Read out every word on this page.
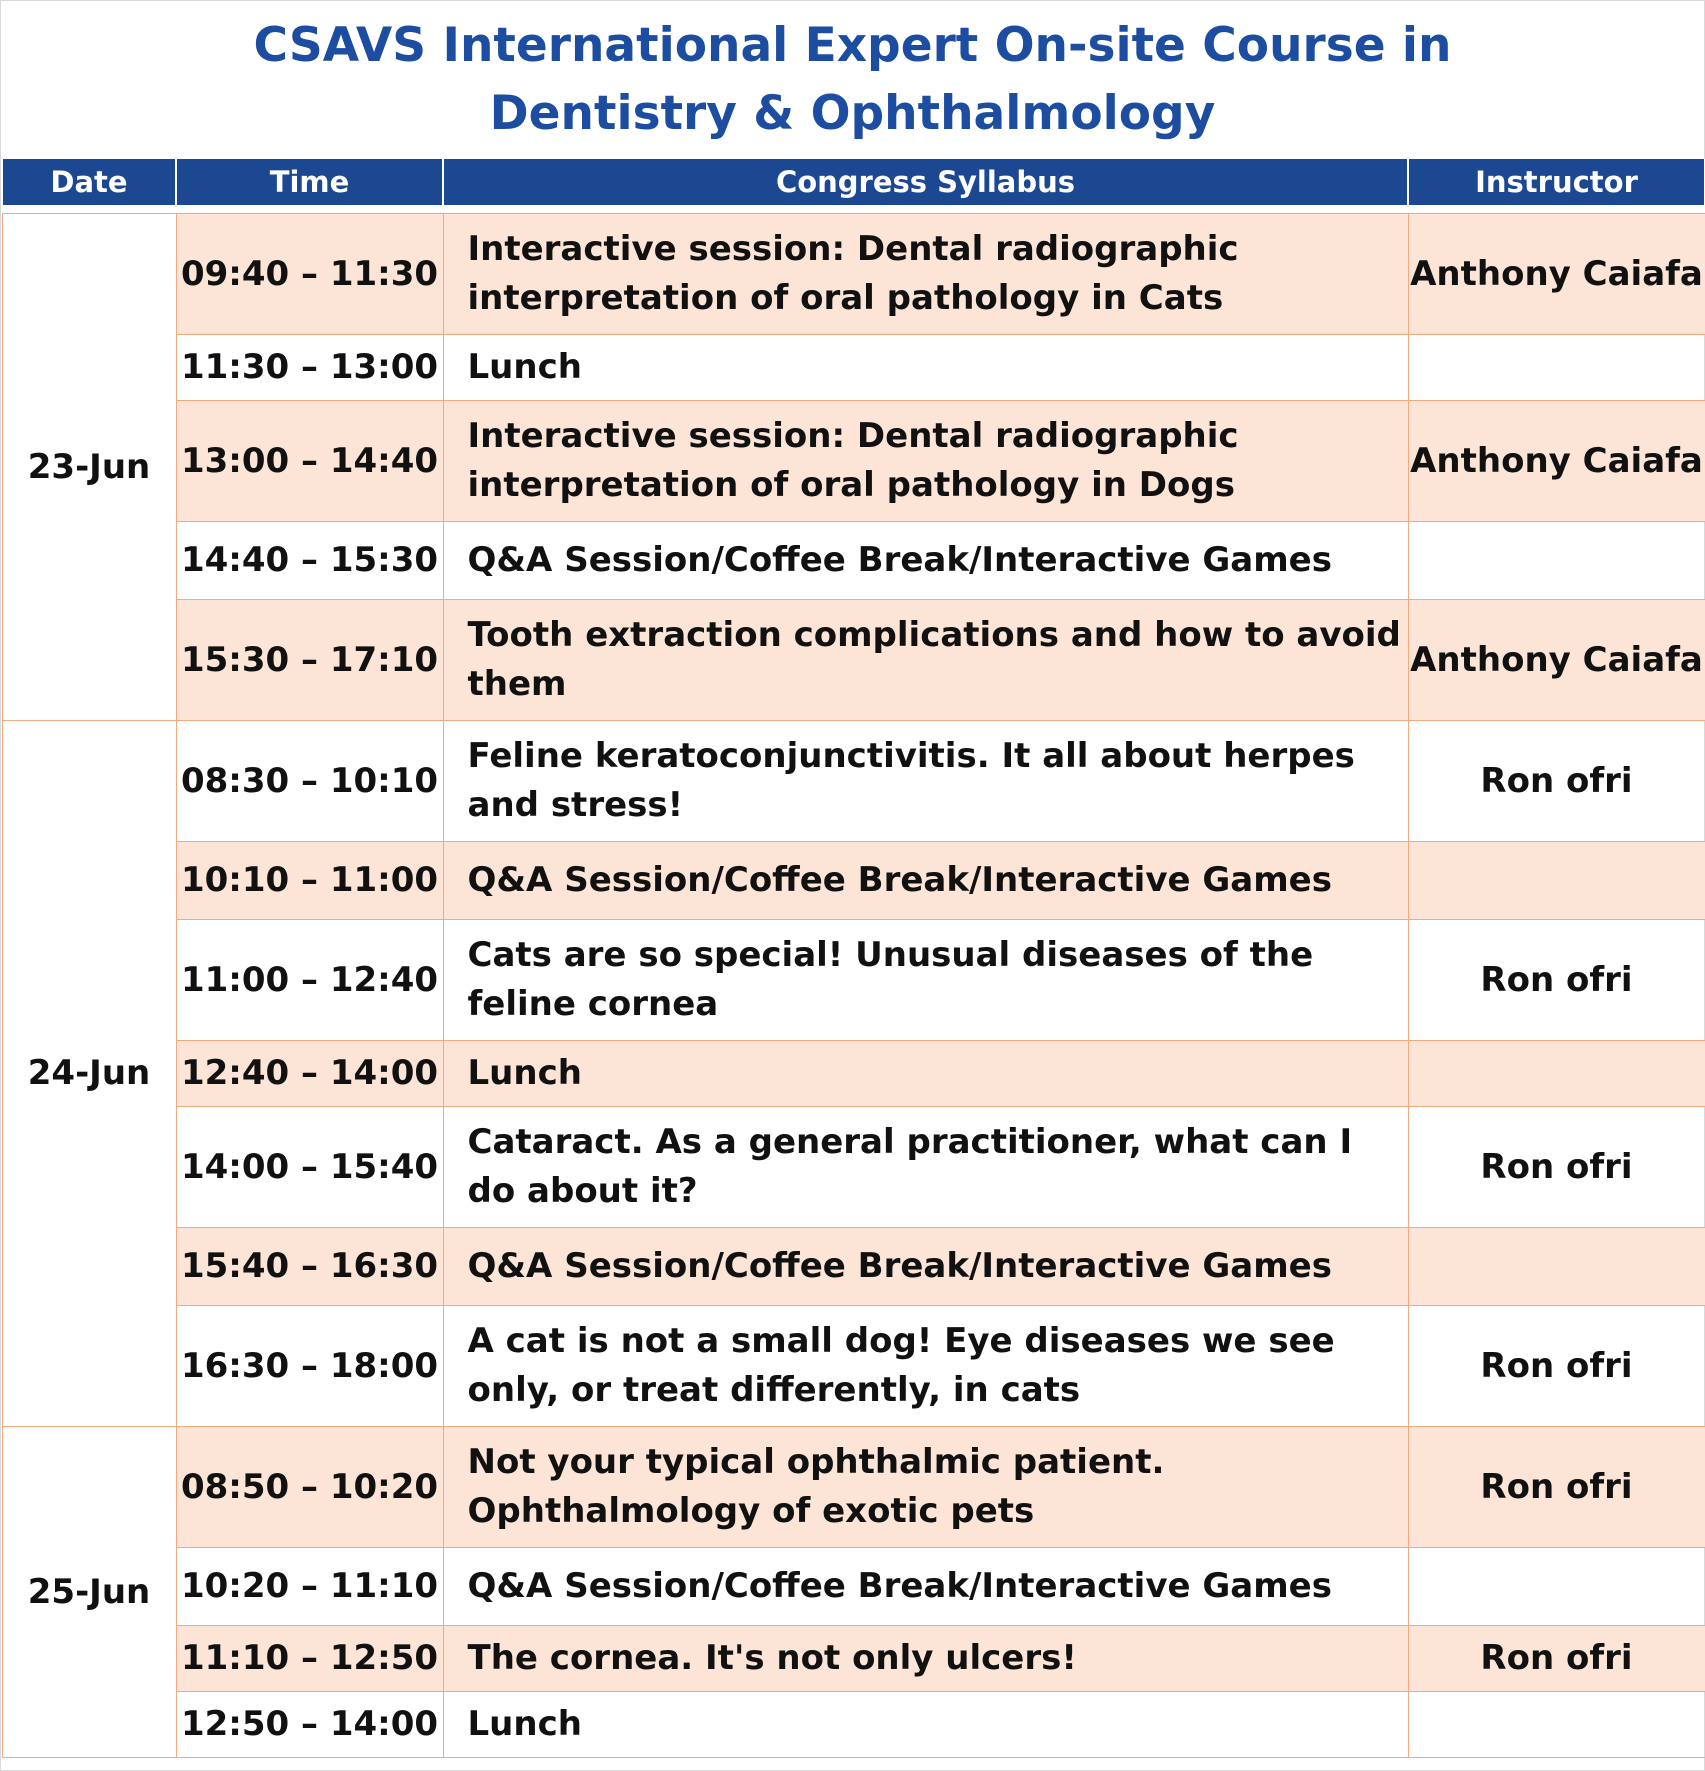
CSAVS International Expert On-site Course in
Dentistry & Ophthalmology
Date	Time	Congress Syllabus	Instructor

23-Jun	09:40 – 11:30	Interactive session: Dental radiographic interpretation of oral pathology in Cats	Anthony Caiafa
	11:30 – 13:00	Lunch	
	13:00 – 14:40	Interactive session: Dental radiographic interpretation of oral pathology in Dogs	Anthony Caiafa
	14:40 – 15:30	Q&A Session/Coffee Break/Interactive Games	
	15:30 – 17:10	Tooth extraction complications and how to avoid them	Anthony Caiafa
24-Jun	08:30 – 10:10	Feline keratoconjunctivitis. It all about herpes and stress!	Ron ofri
	10:10 – 11:00	Q&A Session/Coffee Break/Interactive Games	
	11:00 – 12:40	Cats are so special! Unusual diseases of the feline cornea	Ron ofri
	12:40 – 14:00	Lunch	
	14:00 – 15:40	Cataract. As a general practitioner, what can I do about it?	Ron ofri
	15:40 – 16:30	Q&A Session/Coffee Break/Interactive Games	
	16:30 – 18:00	A cat is not a small dog! Eye diseases we see only, or treat differently, in cats	Ron ofri
25-Jun	08:50 – 10:20	Not your typical ophthalmic patient. Ophthalmology of exotic pets	Ron ofri
	10:20 – 11:10	Q&A Session/Coffee Break/Interactive Games	
	11:10 – 12:50	The cornea. It's not only ulcers!	Ron ofri
	12:50 – 14:00	Lunch	
